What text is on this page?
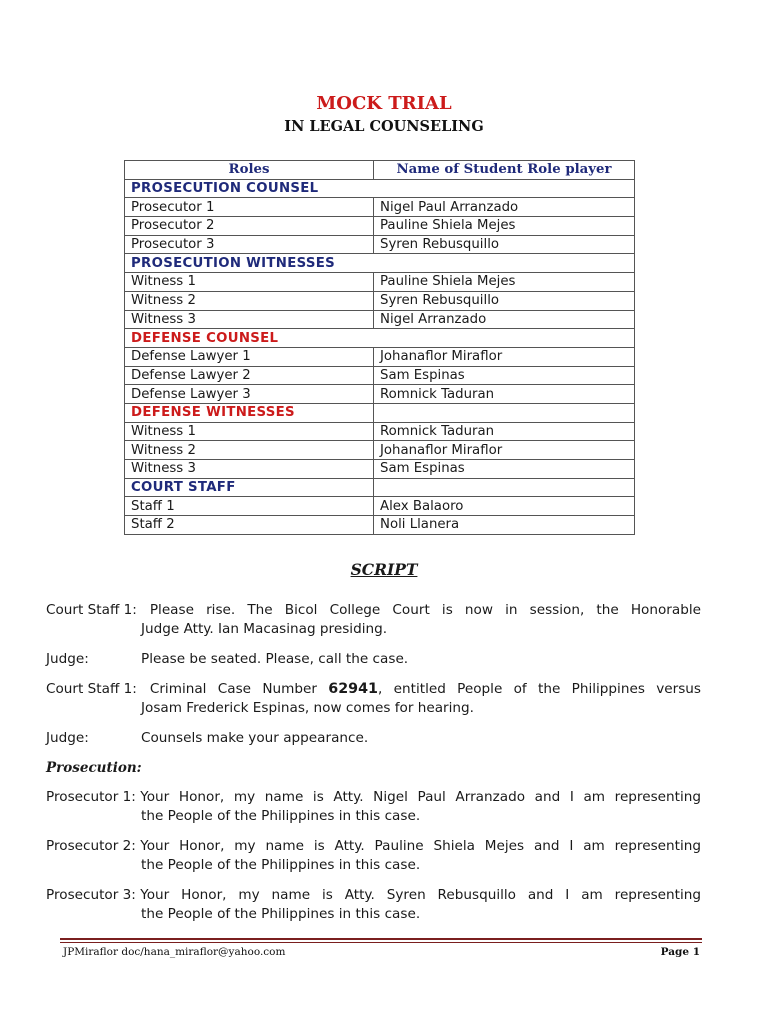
MOCK TRIAL
IN LEGAL COUNSELING
Roles	Name of Student Role player
PROSECUTION COUNSEL	
Prosecutor 1	Nigel Paul Arranzado
Prosecutor 2	Pauline Shiela Mejes
Prosecutor 3	Syren Rebusquillo
PROSECUTION WITNESSES	
Witness 1	Pauline Shiela Mejes
Witness 2	Syren Rebusquillo
Witness 3	Nigel Arranzado
DEFENSE COUNSEL	
Defense Lawyer 1	Johanaflor Miraflor
Defense Lawyer 2	Sam Espinas
Defense Lawyer 3	Romnick Taduran
DEFENSE WITNESSES	
Witness 1	Romnick Taduran
Witness 2	Johanaflor Miraflor
Witness 3	Sam Espinas
COURT STAFF	
Staff 1	Alex Balaoro
Staff 2	Noli Llanera
SCRIPT
Court Staff 1: Please rise. The Bicol College Court is now in session, the Honorable
Judge Atty. Ian Macasinag presiding.
Judge:	Please be seated. Please, call the case.
Court Staff 1: Criminal Case Number 62941, entitled People of the Philippines versus
Josam Frederick Espinas, now comes for hearing.
Judge:	Counsels make your appearance.
Prosecution:
Prosecutor 1: Your Honor, my name is Atty. Nigel Paul Arranzado and I am representing
the People of the Philippines in this case.
Prosecutor 2: Your Honor, my name is Atty. Pauline Shiela Mejes and I am representing
the People of the Philippines in this case.
Prosecutor 3: Your Honor, my name is Atty. Syren Rebusquillo and I am representing
the People of the Philippines in this case.
JPMiraflor doc/hana_miraflor@yahoo.com	Page 1
